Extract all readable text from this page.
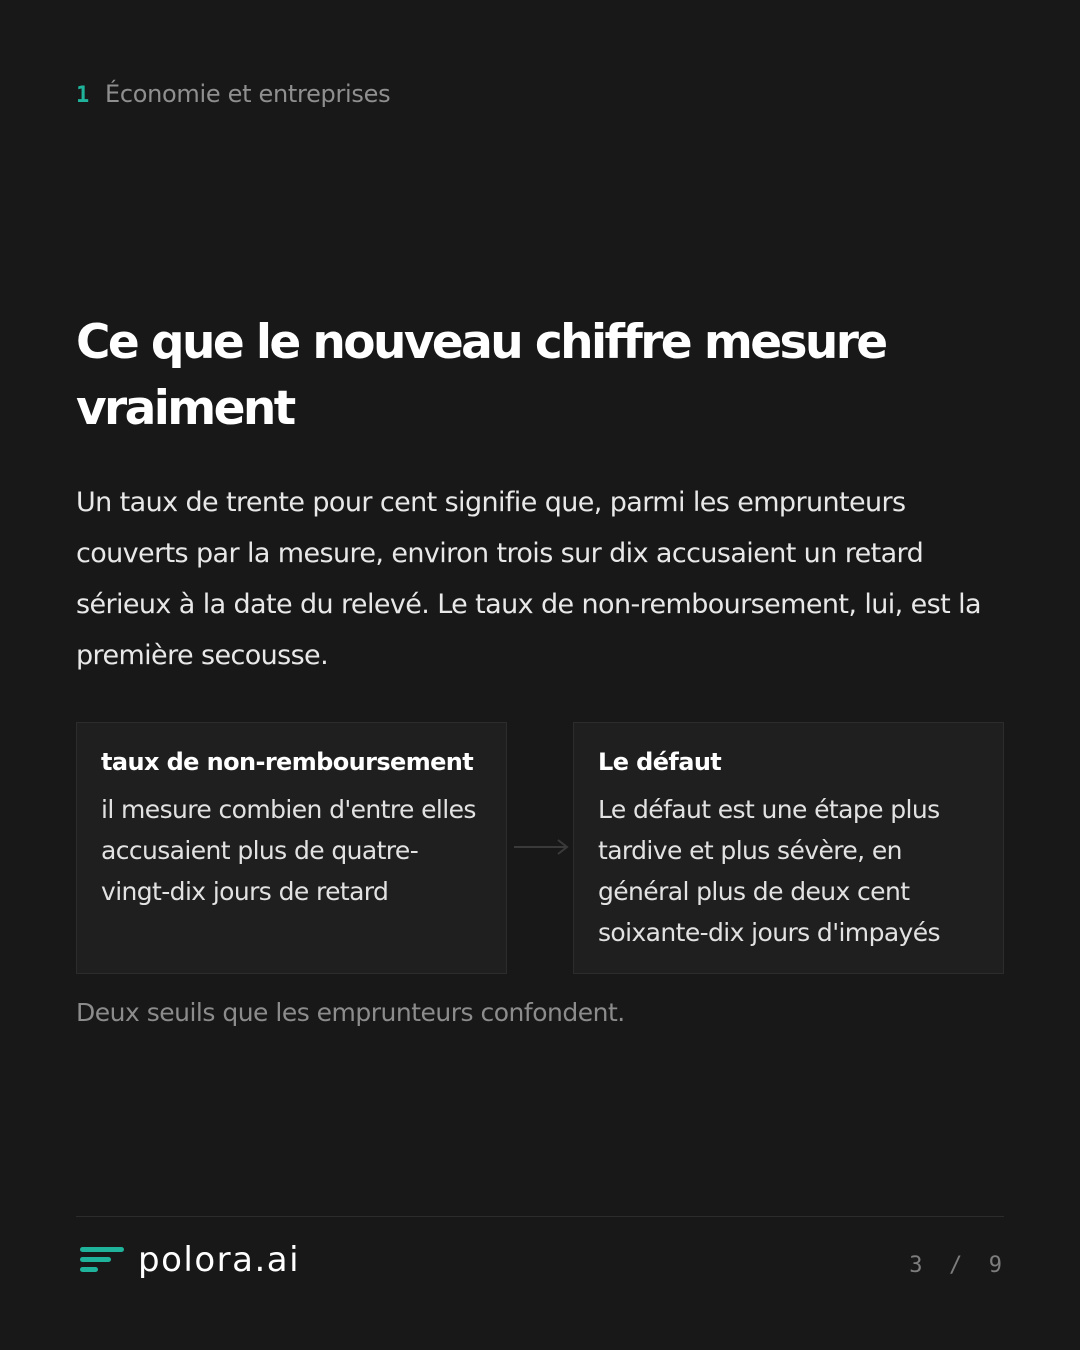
1 Économie et entreprises
Ce que le nouveau chiffre mesure vraiment

Un taux de trente pour cent signifie que, parmi les emprunteurs couverts par la mesure, environ trois sur dix accusaient un retard sérieux à la date du relevé. Le taux de non-remboursement, lui, est la première secousse.

taux de non-remboursement
il mesure combien d'entre elles accusaient plus de quatre-vingt-dix jours de retard
Le défaut
Le défaut est une étape plus tardive et plus sévère, en général plus de deux cent soixante-dix jours d'impayés
Deux seuils que les emprunteurs confondent.
polora.ai	3  /  9
